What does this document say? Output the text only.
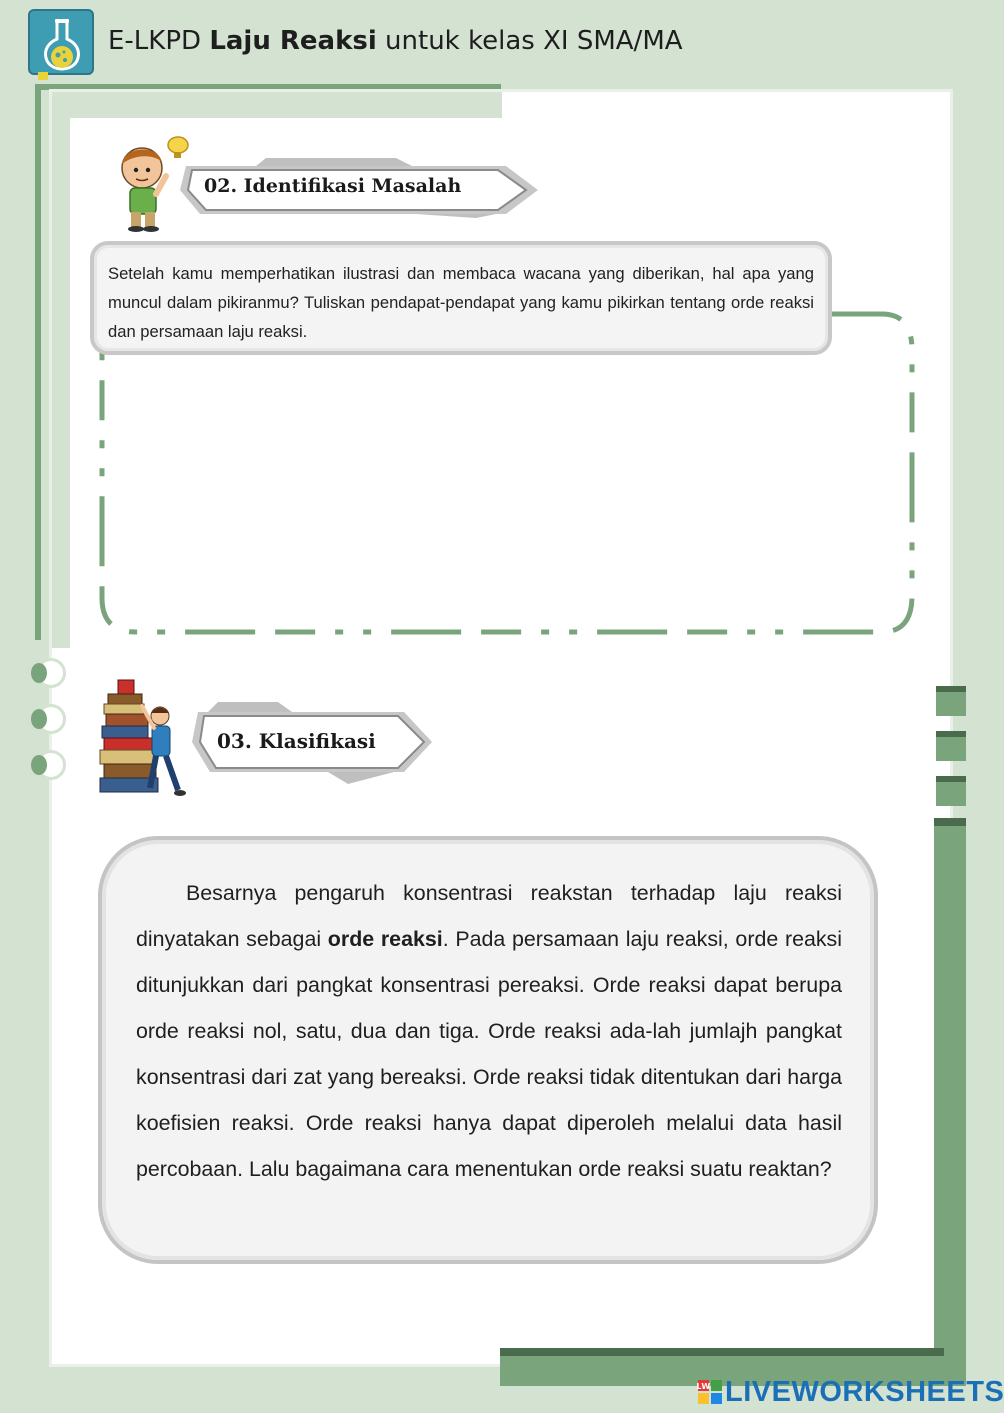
E-LKPD Laju Reaksi untuk kelas XI SMA/MA
02. Identifikasi Masalah
Setelah kamu memperhatikan ilustrasi dan membaca wacana yang diberikan, hal apa yang muncul dalam pikiranmu? Tuliskan pendapat-pendapat yang kamu pikirkan tentang orde reaksi dan persamaan laju reaksi.
03. Klasifikasi

Besarnya pengaruh konsentrasi reakstan terhadap laju reaksi dinyatakan sebagai orde reaksi. Pada persamaan laju reaksi, orde reaksi ditunjukkan dari pangkat konsentrasi pereaksi. Orde reaksi dapat berupa orde reaksi nol, satu, dua dan tiga. Orde reaksi ada-lah jumlajh pangkat konsentrasi dari zat yang bereaksi. Orde reaksi tidak ditentukan dari harga koefisien reaksi. Orde reaksi hanya dapat diperoleh melalui data hasil percobaan. Lalu bagaimana cara menentukan orde reaksi suatu reaktan?

LW LIVEWORKSHEETS
